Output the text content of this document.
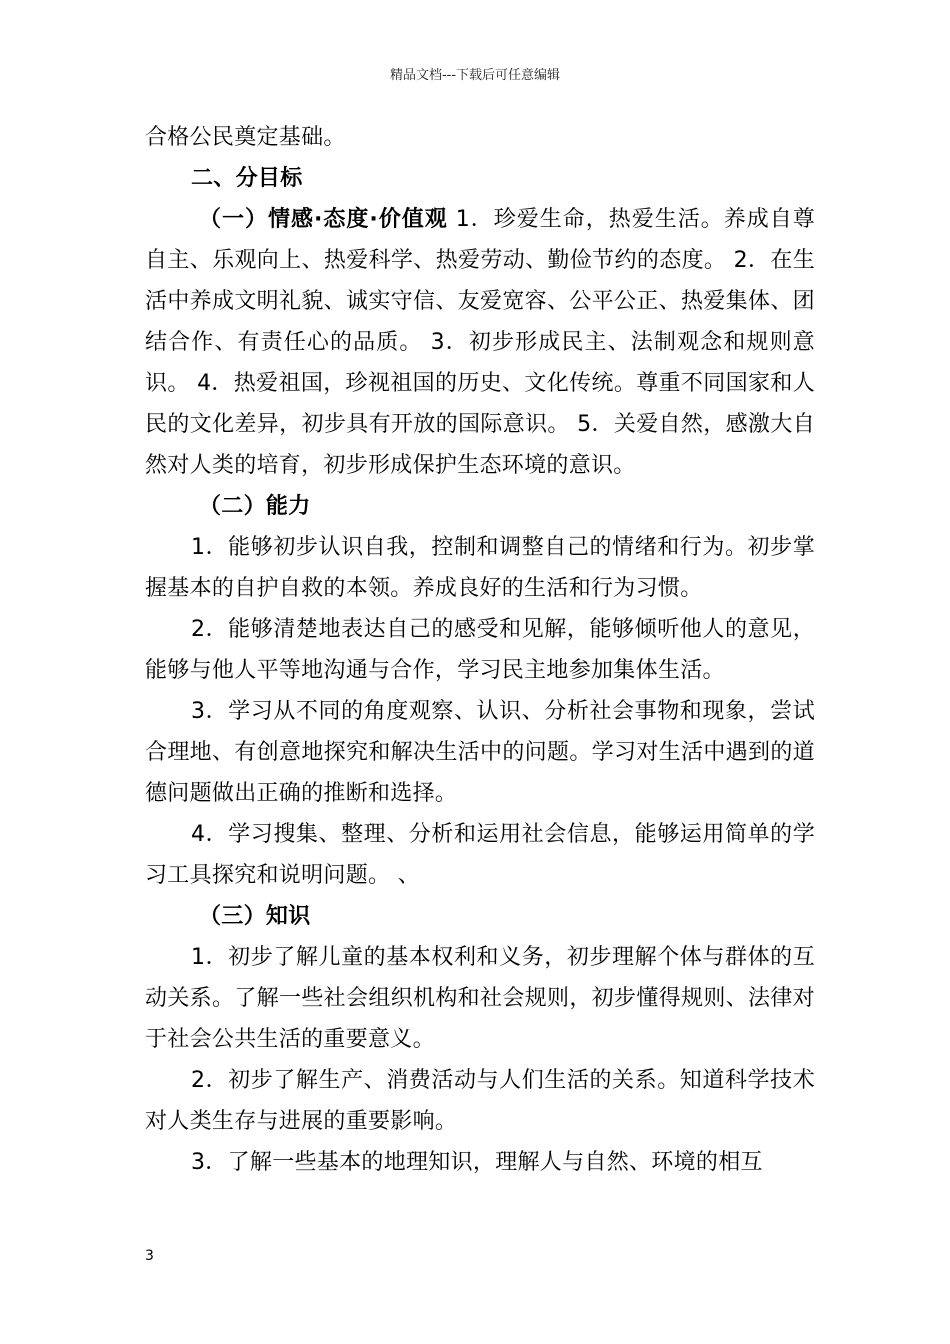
精品文档---下载后可任意编辑

合格公民奠定基础。

二、分目标

（一）情感·态度·价值观 1．珍爱生命，热爱生活。养成自尊自主、乐观向上、热爱科学、热爱劳动、勤俭节约的态度。 2．在生活中养成文明礼貌、诚实守信、友爱宽容、公平公正、热爱集体、团结合作、有责任心的品质。 3．初步形成民主、法制观念和规则意识。 4．热爱祖国，珍视祖国的历史、文化传统。尊重不同国家和人民的文化差异，初步具有开放的国际意识。 5．关爱自然，感激大自然对人类的培育，初步形成保护生态环境的意识。

（二）能力

1．能够初步认识自我，控制和调整自己的情绪和行为。初步掌握基本的自护自救的本领。养成良好的生活和行为习惯。

2．能够清楚地表达自己的感受和见解，能够倾听他人的意见，能够与他人平等地沟通与合作，学习民主地参加集体生活。

3．学习从不同的角度观察、认识、分析社会事物和现象，尝试合理地、有创意地探究和解决生活中的问题。学习对生活中遇到的道德问题做出正确的推断和选择。

4．学习搜集、整理、分析和运用社会信息，能够运用简单的学习工具探究和说明问题。 、

（三）知识

1．初步了解儿童的基本权利和义务，初步理解个体与群体的互动关系。了解一些社会组织机构和社会规则，初步懂得规则、法律对于社会公共生活的重要意义。

2．初步了解生产、消费活动与人们生活的关系。知道科学技术对人类生存与进展的重要影响。

3．了解一些基本的地理知识，理解人与自然、环境的相互

3
